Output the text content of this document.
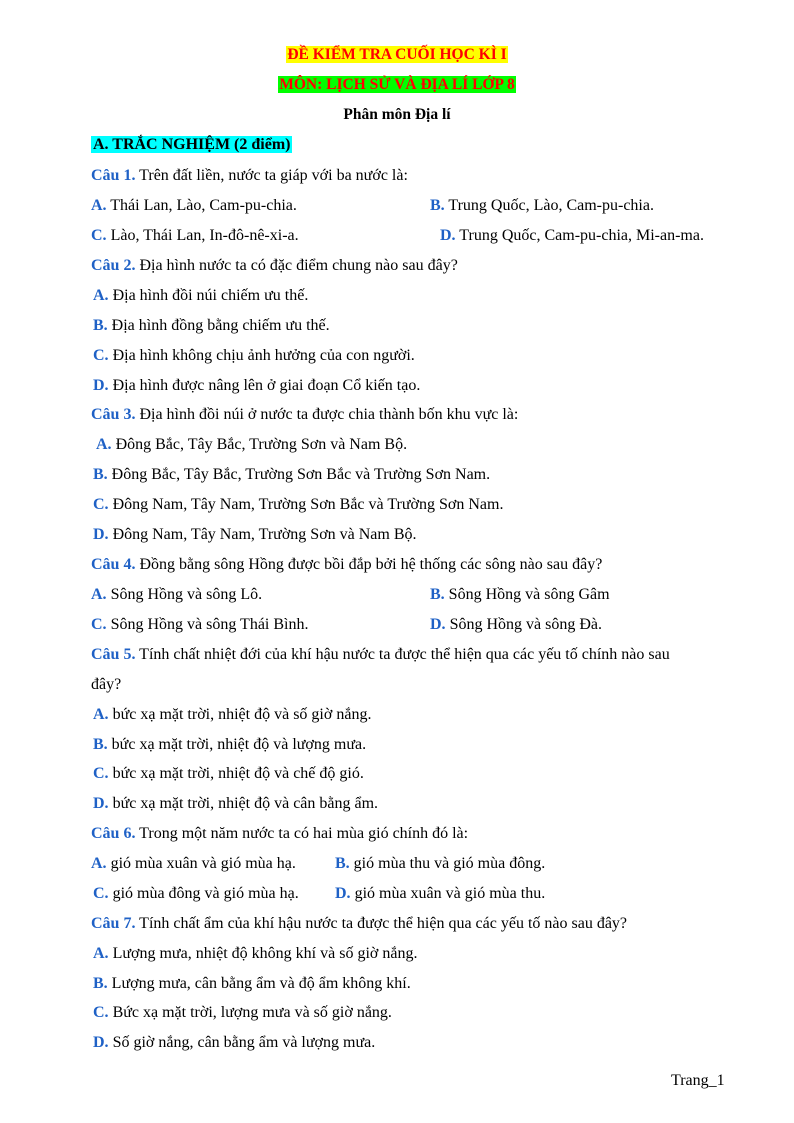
ĐỀ KIỂM TRA CUỐI HỌC KÌ I
MÔN: LỊCH SỬ VÀ ĐỊA LÍ LỚP 8
Phân môn Địa lí
A. TRẮC NGHIỆM (2 điểm)
Câu 1. Trên đất liền, nước ta giáp với ba nước là:
A. Thái Lan, Lào, Cam-pu-chia.	B. Trung Quốc, Lào, Cam-pu-chia.
C. Lào, Thái Lan, In-đô-nê-xi-a.	D. Trung Quốc, Cam-pu-chia, Mi-an-ma.
Câu 2. Địa hình nước ta có đặc điểm chung nào sau đây?
A. Địa hình đồi núi chiếm ưu thế.
B. Địa hình đồng bằng chiếm ưu thế.
C. Địa hình không chịu ảnh hưởng của con người.
D. Địa hình được nâng lên ở giai đoạn Cổ kiến tạo.
Câu 3. Địa hình đồi núi ở nước ta được chia thành bốn khu vực là:
A. Đông Bắc, Tây Bắc, Trường Sơn và Nam Bộ.
B. Đông Bắc, Tây Bắc, Trường Sơn Bắc và Trường Sơn Nam.
C. Đông Nam, Tây Nam, Trường Sơn Bắc và Trường Sơn Nam.
D. Đông Nam, Tây Nam, Trường Sơn và Nam Bộ.
Câu 4. Đồng bằng sông Hồng được bồi đắp bởi hệ thống các sông nào sau đây?
A. Sông Hồng và sông Lô.	B. Sông Hồng và sông Gâm
C. Sông Hồng và sông Thái Bình.	D. Sông Hồng và sông Đà.
Câu 5. Tính chất nhiệt đới của khí hậu nước ta được thể hiện qua các yếu tố chính nào sau
đây?
A. bức xạ mặt trời, nhiệt độ và số giờ nắng.
B. bức xạ mặt trời, nhiệt độ và lượng mưa.
C. bức xạ mặt trời, nhiệt độ và chế độ gió.
D. bức xạ mặt trời, nhiệt độ và cân bằng ẩm.
Câu 6. Trong một năm nước ta có hai mùa gió chính đó là:
A. gió mùa xuân và gió mùa hạ. B. gió mùa thu và gió mùa đông.
C. gió mùa đông và gió mùa hạ. D. gió mùa xuân và gió mùa thu.
Câu 7. Tính chất ẩm của khí hậu nước ta được thể hiện qua các yếu tố nào sau đây?
A. Lượng mưa, nhiệt độ không khí và số giờ nắng.
B. Lượng mưa, cân bằng ẩm và độ ẩm không khí.
C. Bức xạ mặt trời, lượng mưa và số giờ nắng.
D. Số giờ nắng, cân bằng ẩm và lượng mưa.
Trang_1
